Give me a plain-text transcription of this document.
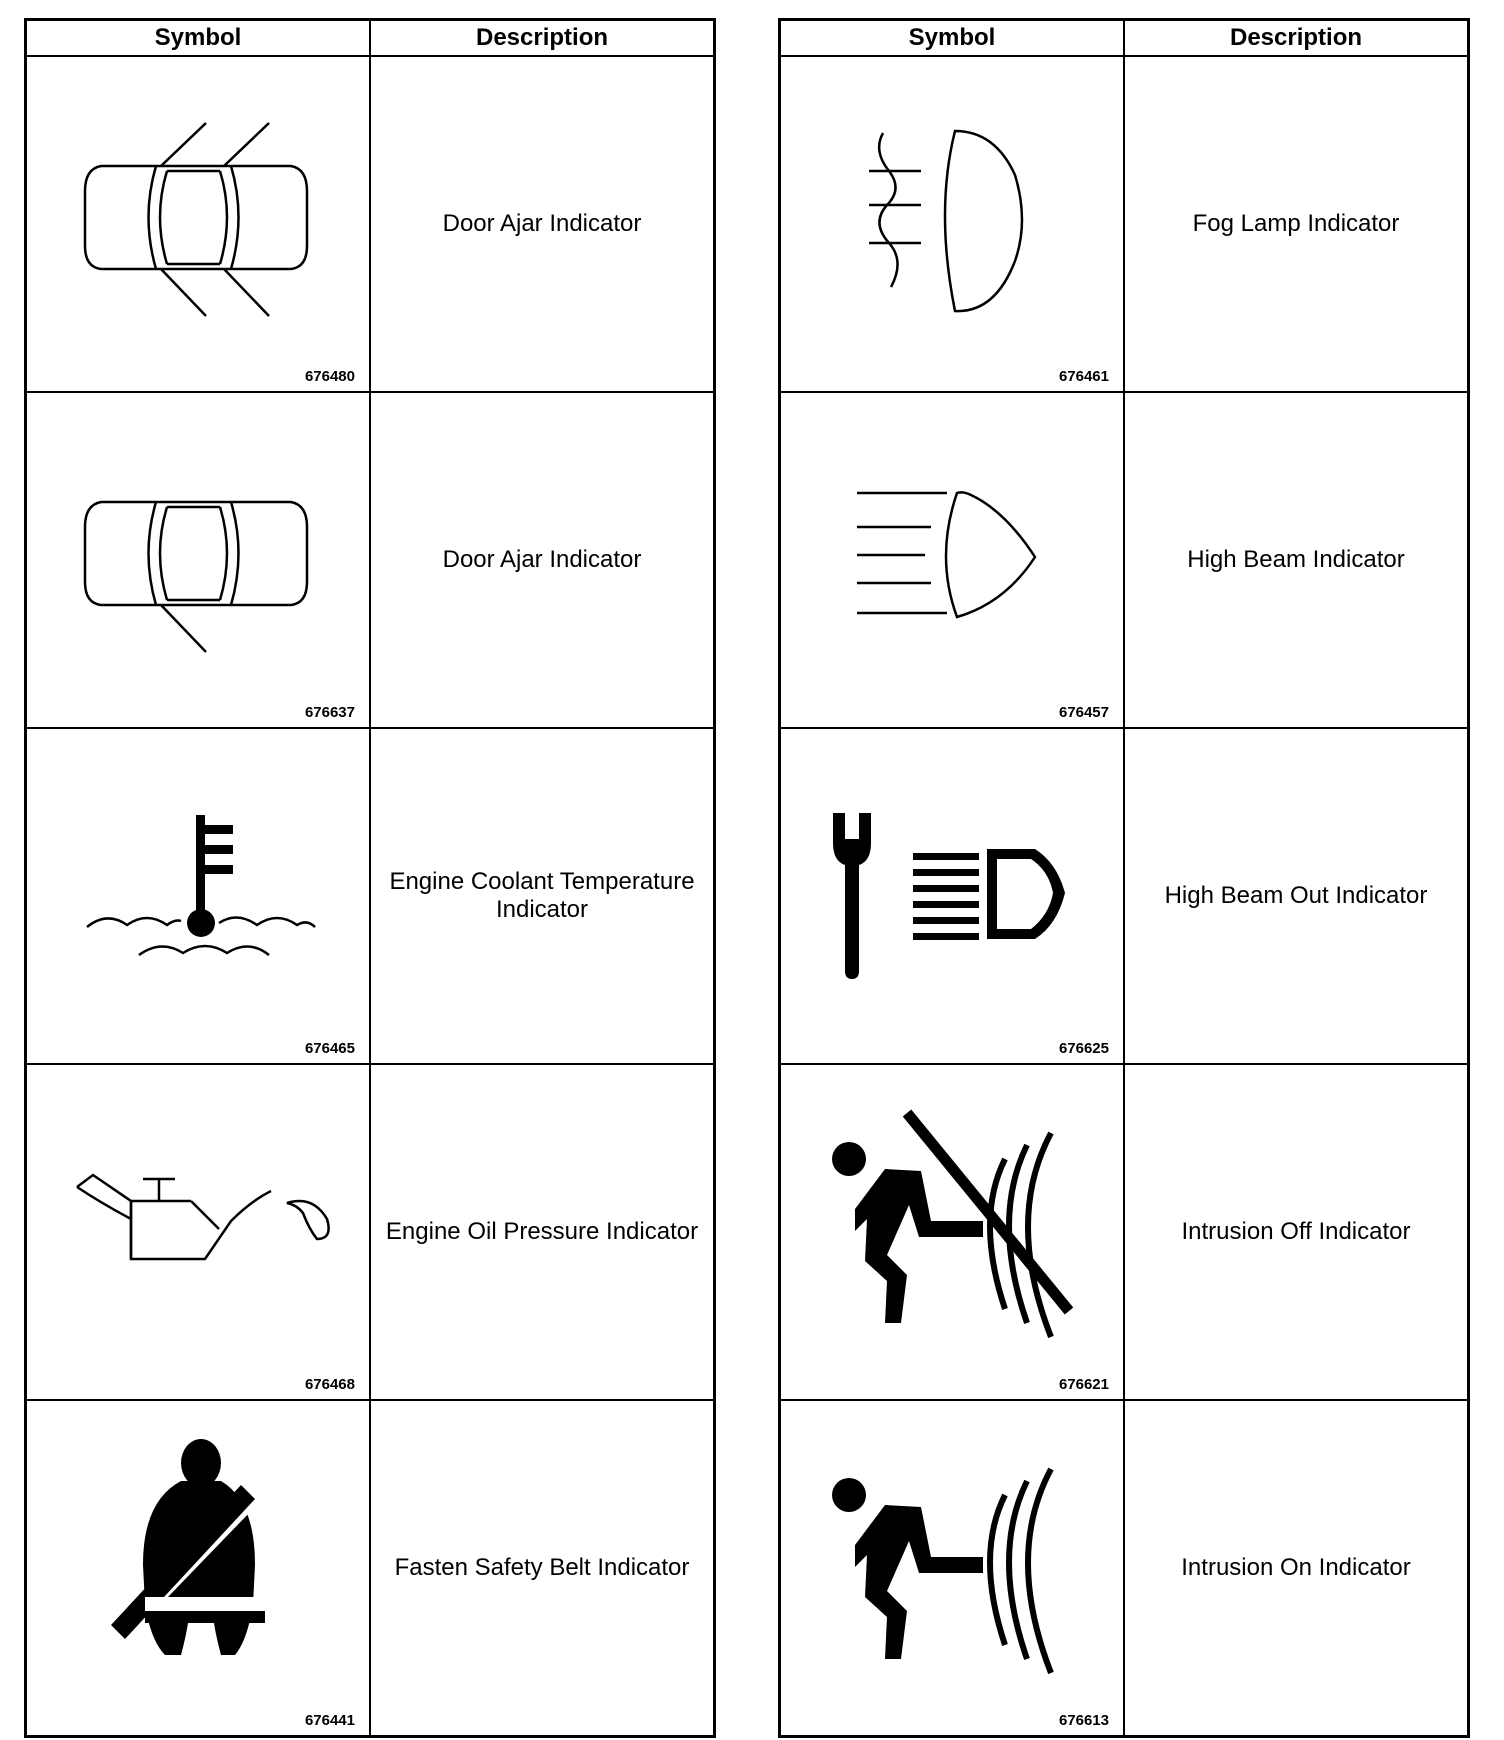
Symbol	Description

676480	Door Ajar Indicator

676637	Door Ajar Indicator

676465	Engine Coolant Temperature Indicator

676468	Engine Oil Pressure Indicator

676441	Fasten Safety Belt Indicator
Symbol	Description

676461	Fog Lamp Indicator

676457	High Beam Indicator

676625	High Beam Out Indicator

676621	Intrusion Off Indicator

676613	Intrusion On Indicator
